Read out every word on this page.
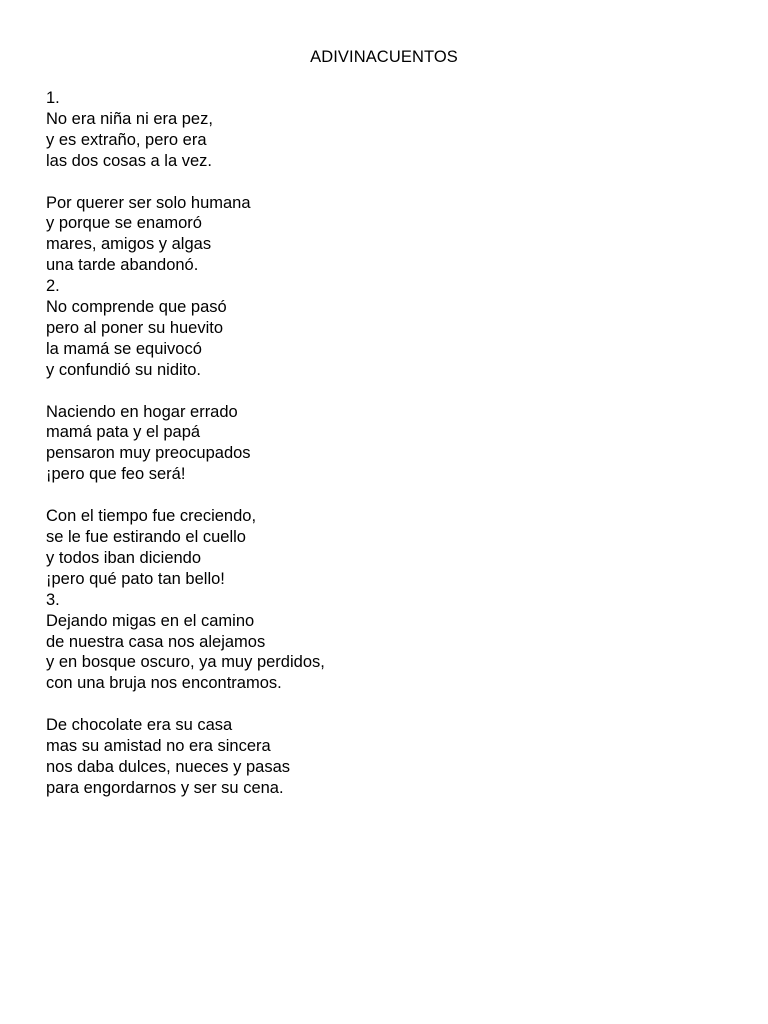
ADIVINACUENTOS
1.
No era niña ni era pez,
y es extraño, pero era
las dos cosas a la vez.
Por querer ser solo humana
y porque se enamoró
mares, amigos y algas
una tarde abandonó.
2.
No comprende que pasó
pero al poner su huevito
la mamá se equivocó
y confundió su nidito.
Naciendo en hogar errado
mamá pata y el papá
pensaron muy preocupados
¡pero que feo será!
Con el tiempo fue creciendo,
se le fue estirando el cuello
y todos iban diciendo
¡pero qué pato tan bello!
3.
Dejando migas en el camino
de nuestra casa nos alejamos
y en bosque oscuro, ya muy perdidos,
con una bruja nos encontramos.
De chocolate era su casa
mas su amistad no era sincera
nos daba dulces, nueces y pasas
para engordarnos y ser su cena.
